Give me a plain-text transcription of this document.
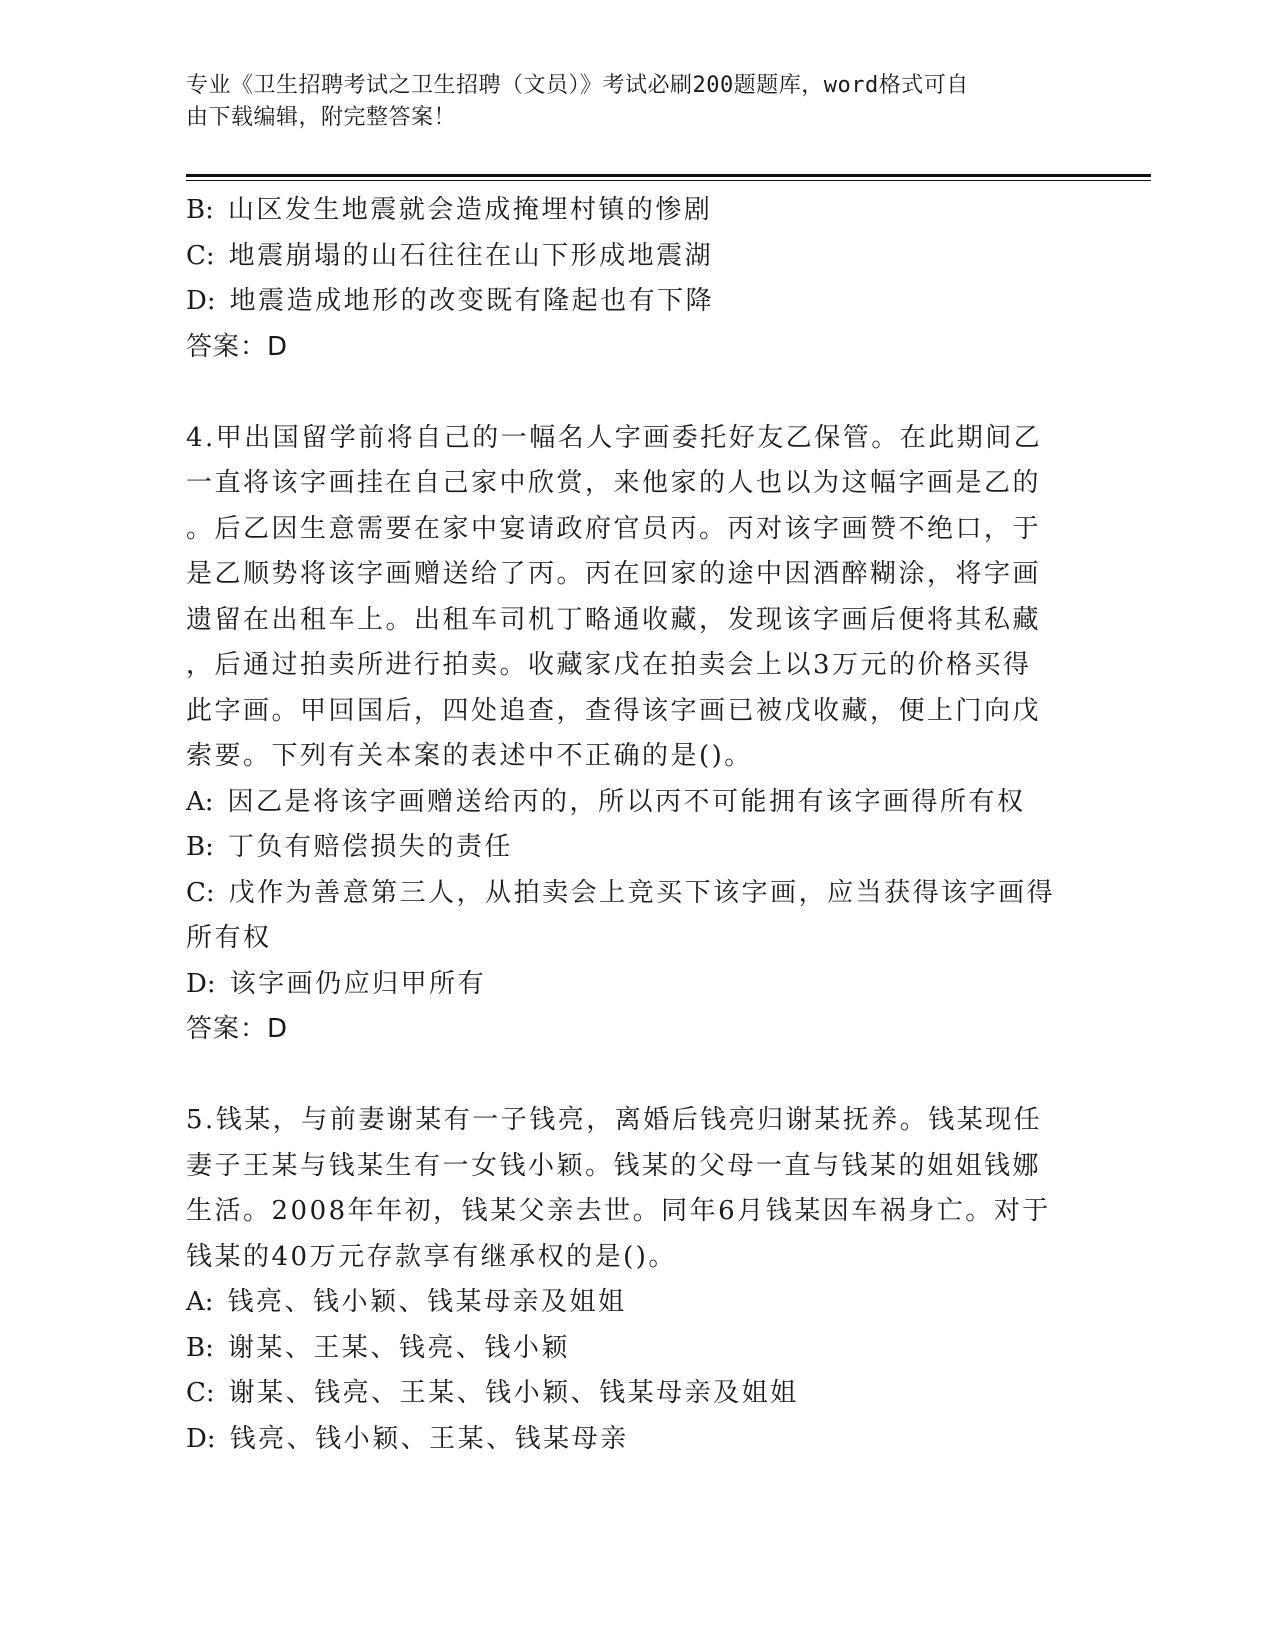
专业《卫生招聘考试之卫生招聘（文员）》考试必刷200题题库，word格式可自
由下载编辑，附完整答案！
B: 山区发生地震就会造成掩埋村镇的惨剧
C: 地震崩塌的山石往往在山下形成地震湖
D: 地震造成地形的改变既有隆起也有下降
答案：D
4.甲出国留学前将自己的一幅名人字画委托好友乙保管。在此期间乙
一直将该字画挂在自己家中欣赏，来他家的人也以为这幅字画是乙的
。后乙因生意需要在家中宴请政府官员丙。丙对该字画赞不绝口，于
是乙顺势将该字画赠送给了丙。丙在回家的途中因酒醉糊涂，将字画
遗留在出租车上。出租车司机丁略通收藏，发现该字画后便将其私藏
，后通过拍卖所进行拍卖。收藏家戊在拍卖会上以3万元的价格买得
此字画。甲回国后，四处追查，查得该字画已被戊收藏，便上门向戊
索要。下列有关本案的表述中不正确的是()。
A: 因乙是将该字画赠送给丙的，所以丙不可能拥有该字画得所有权
B: 丁负有赔偿损失的责任
C: 戊作为善意第三人，从拍卖会上竞买下该字画，应当获得该字画得
所有权
D: 该字画仍应归甲所有
答案：D
5.钱某，与前妻谢某有一子钱亮，离婚后钱亮归谢某抚养。钱某现任
妻子王某与钱某生有一女钱小颖。钱某的父母一直与钱某的姐姐钱娜
生活。2008年年初，钱某父亲去世。同年6月钱某因车祸身亡。对于
钱某的40万元存款享有继承权的是()。
A: 钱亮、钱小颖、钱某母亲及姐姐
B: 谢某、王某、钱亮、钱小颖
C: 谢某、钱亮、王某、钱小颖、钱某母亲及姐姐
D: 钱亮、钱小颖、王某、钱某母亲
